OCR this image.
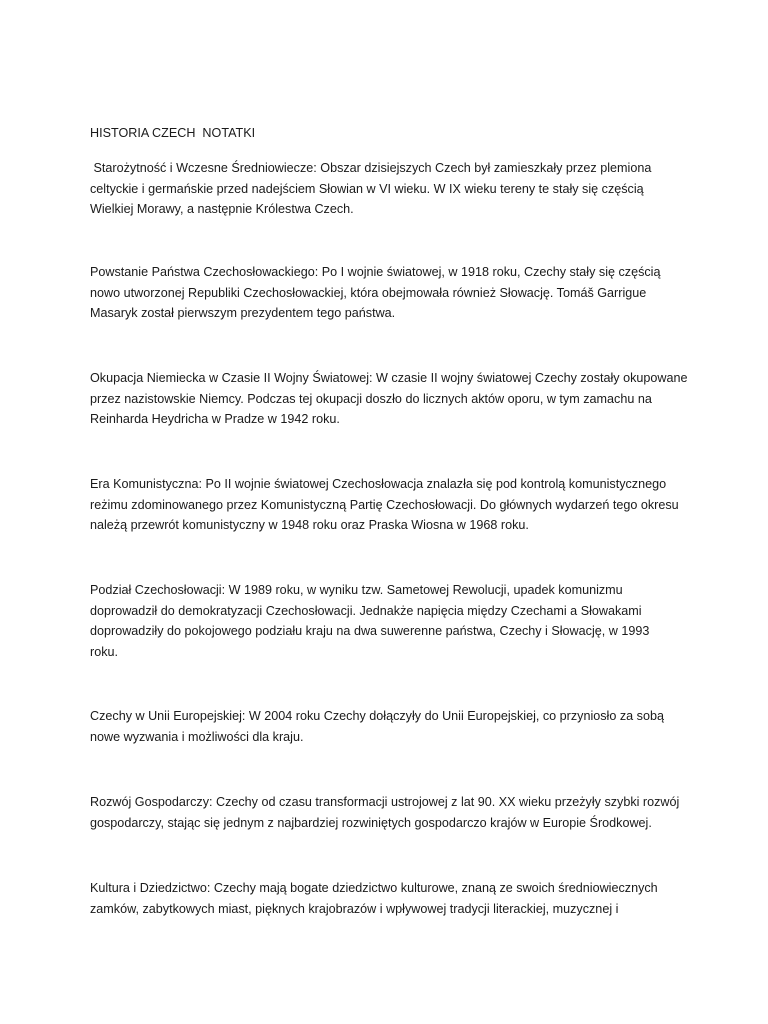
HISTORIA CZECH  NOTATKI

Starożytność i Wczesne Średniowiecze: Obszar dzisiejszych Czech był zamieszkały przez plemiona
celtyckie i germańskie przed nadejściem Słowian w VI wieku. W IX wieku tereny te stały się częścią
Wielkiej Morawy, a następnie Królestwa Czech.

Powstanie Państwa Czechosłowackiego: Po I wojnie światowej, w 1918 roku, Czechy stały się częścią
nowo utworzonej Republiki Czechosłowackiej, która obejmowała również Słowację. Tomáš Garrigue
Masaryk został pierwszym prezydentem tego państwa.

Okupacja Niemiecka w Czasie II Wojny Światowej: W czasie II wojny światowej Czechy zostały okupowane
przez nazistowskie Niemcy. Podczas tej okupacji doszło do licznych aktów oporu, w tym zamachu na
Reinharda Heydricha w Pradze w 1942 roku.

Era Komunistyczna: Po II wojnie światowej Czechosłowacja znalazła się pod kontrolą komunistycznego
reżimu zdominowanego przez Komunistyczną Partię Czechosłowacji. Do głównych wydarzeń tego okresu
należą przewrót komunistyczny w 1948 roku oraz Praska Wiosna w 1968 roku.

Podział Czechosłowacji: W 1989 roku, w wyniku tzw. Sametowej Rewolucji, upadek komunizmu
doprowadził do demokratyzacji Czechosłowacji. Jednakże napięcia między Czechami a Słowakami
doprowadziły do pokojowego podziału kraju na dwa suwerenne państwa, Czechy i Słowację, w 1993
roku.

Czechy w Unii Europejskiej: W 2004 roku Czechy dołączyły do Unii Europejskiej, co przyniosło za sobą
nowe wyzwania i możliwości dla kraju.

Rozwój Gospodarczy: Czechy od czasu transformacji ustrojowej z lat 90. XX wieku przeżyły szybki rozwój
gospodarczy, stając się jednym z najbardziej rozwiniętych gospodarczo krajów w Europie Środkowej.

Kultura i Dziedzictwo: Czechy mają bogate dziedzictwo kulturowe, znaną ze swoich średniowiecznych
zamków, zabytkowych miast, pięknych krajobrazów i wpływowej tradycji literackiej, muzycznej i
